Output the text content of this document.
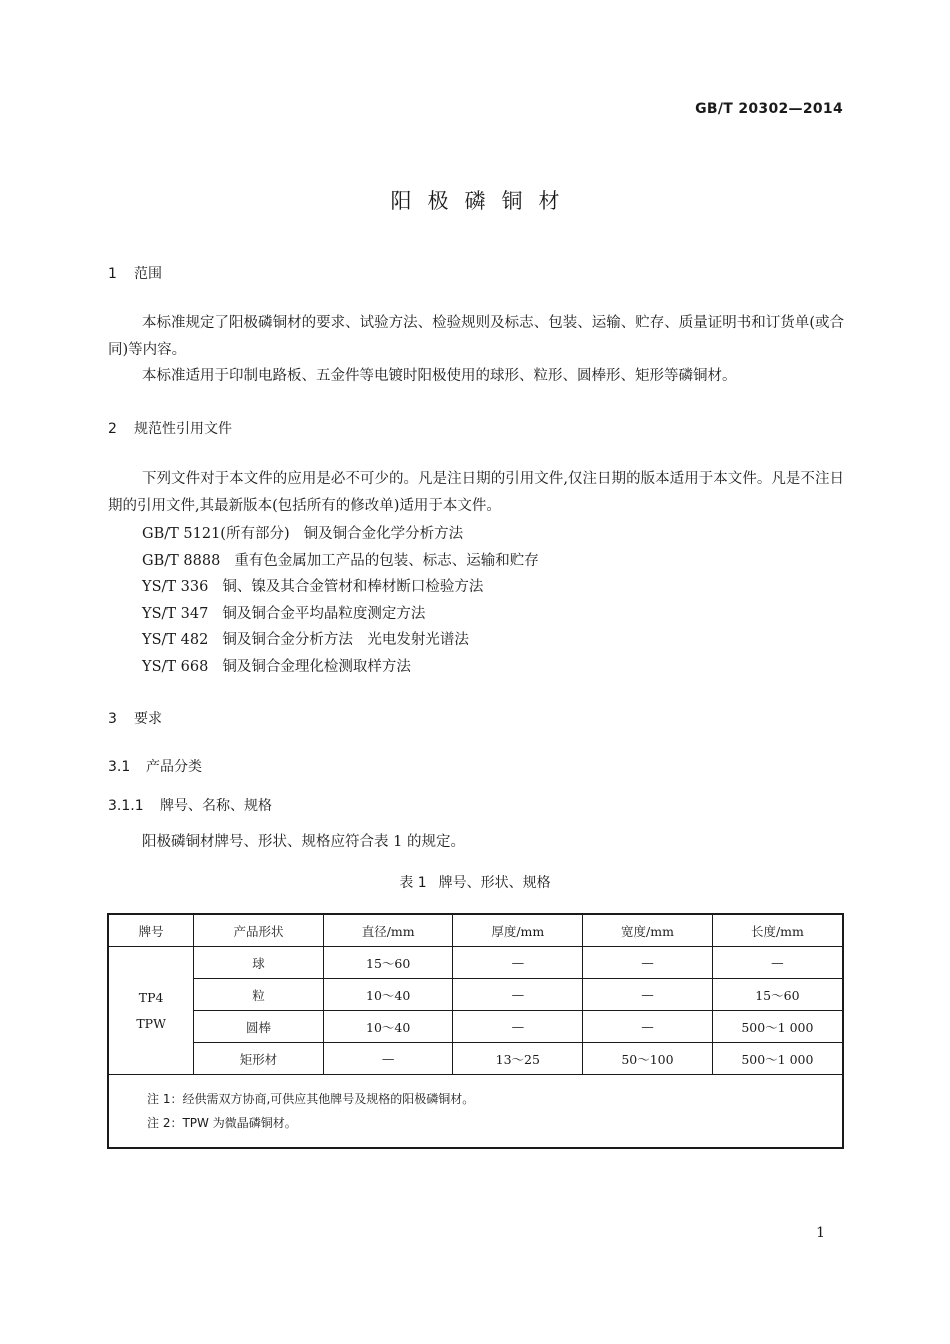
GB/T 20302—2014
阳极磷铜材
1 范围

本标准规定了阳极磷铜材的要求、试验方法、检验规则及标志、包装、运输、贮存、质量证明书和订货单(或合同)等内容。

本标准适用于印制电路板、五金件等电镀时阳极使用的球形、粒形、圆棒形、矩形等磷铜材。

2 规范性引用文件

下列文件对于本文件的应用是必不可少的。凡是注日期的引用文件,仅注日期的版本适用于本文件。凡是不注日期的引用文件,其最新版本(包括所有的修改单)适用于本文件。

GB/T 5121(所有部分) 铜及铜合金化学分析方法
GB/T 8888 重有色金属加工产品的包装、标志、运输和贮存
YS/T 336 铜、镍及其合金管材和棒材断口检验方法
YS/T 347 铜及铜合金平均晶粒度测定方法
YS/T 482 铜及铜合金分析方法　光电发射光谱法
YS/T 668 铜及铜合金理化检测取样方法
3 要求
3.1 产品分类
3.1.1 牌号、名称、规格

阳极磷铜材牌号、形状、规格应符合表 1 的规定。

表 1 牌号、形状、规格
牌号	产品形状	直径/mm	厚度/mm	宽度/mm	长度/mm

TP4
TPW	球	15～60	—	—	—
	粒	10～40	—	—	15～60
	圆棒	10～40	—	—	500～1 000
	矩形材	—	13～25	50～100	500～1 000

注 1：经供需双方协商,可供应其他牌号及规格的阳极磷铜材。
注 2：TPW 为微晶磷铜材。					
1
